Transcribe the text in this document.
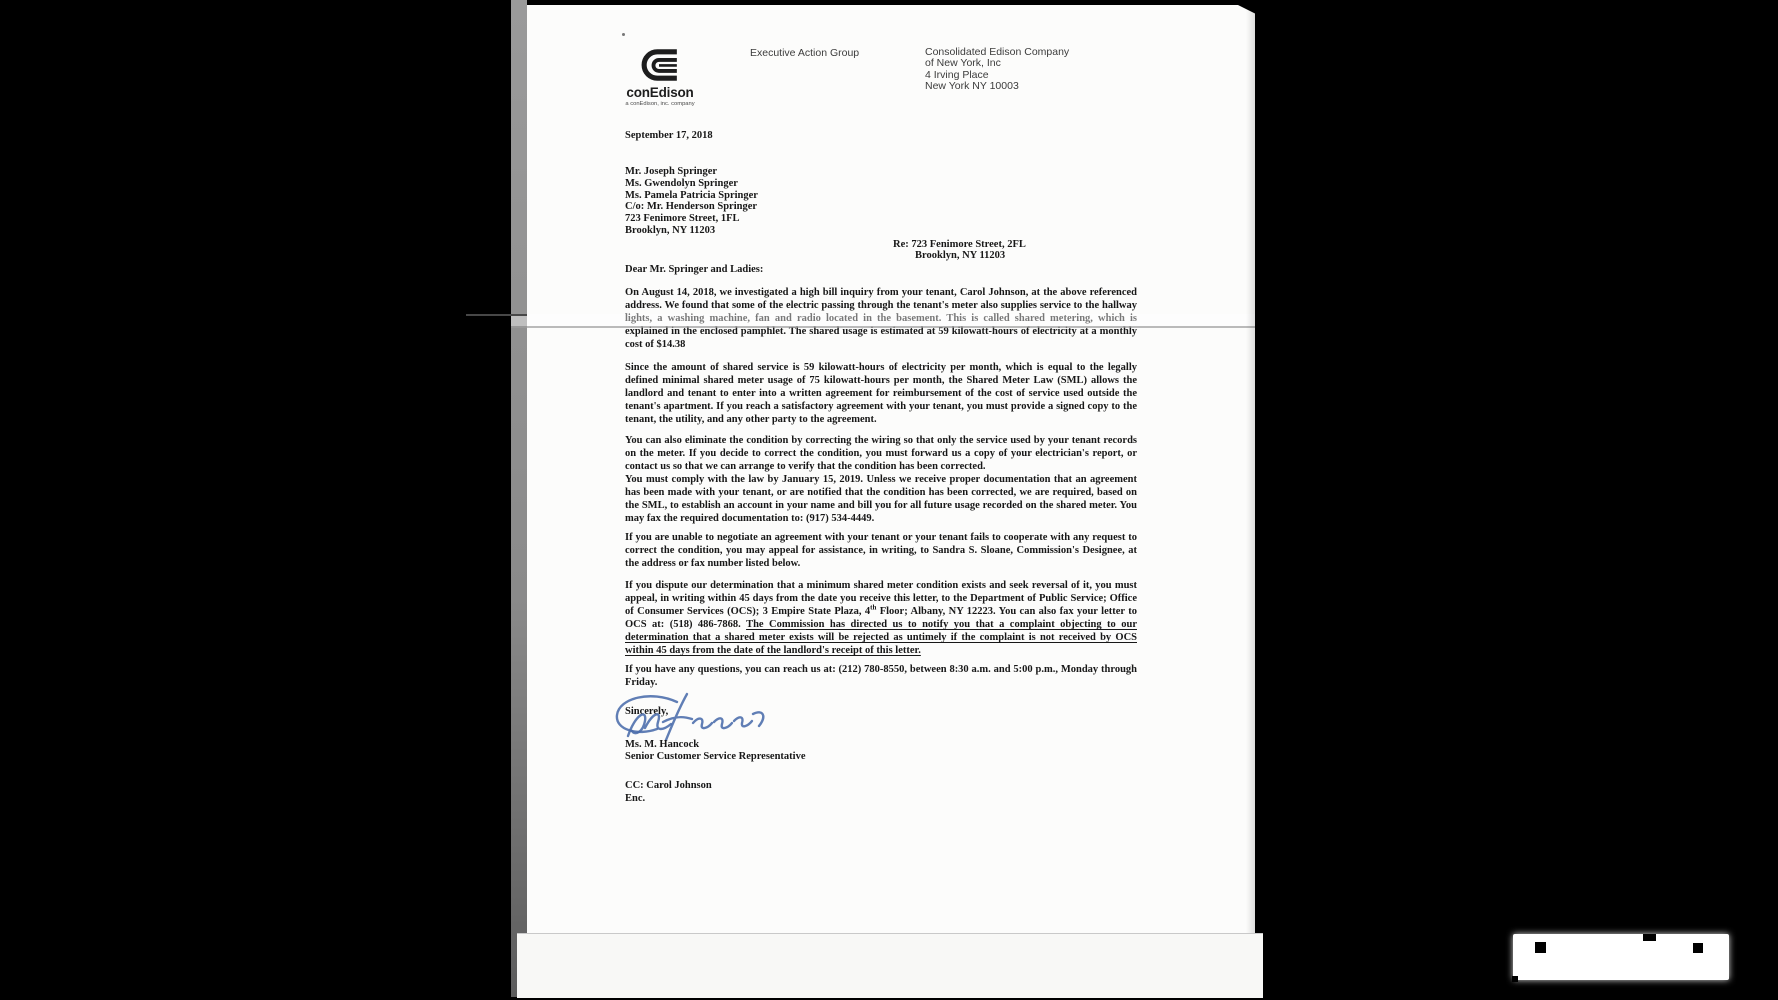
conEdison
a conEdison, inc. company
Executive Action Group	Consolidated Edison Company
of New York, Inc
4 Irving Place
New York NY 10003
September 17, 2018
Mr. Joseph Springer
Ms. Gwendolyn Springer
Ms. Pamela Patricia Springer
C/o: Mr. Henderson Springer
723 Fenimore Street, 1FL
Brooklyn, NY 11203
Re: 723 Fenimore Street, 2FL
Brooklyn, NY 11203
Dear Mr. Springer and Ladies:
On August 14, 2018, we investigated a high bill inquiry from your tenant, Carol Johnson, at the above referenced address. We found that some of the electric passing through the tenant's meter also supplies service to the hallway lights, a washing machine, fan and radio located in the basement. This is called shared metering, which is explained in the enclosed pamphlet. The shared usage is estimated at 59 kilowatt-hours of electricity at a monthly cost of $14.38
Since the amount of shared service is 59 kilowatt-hours of electricity per month, which is equal to the legally defined minimal shared meter usage of 75 kilowatt-hours per month, the Shared Meter Law (SML) allows the landlord and tenant to enter into a written agreement for reimbursement of the cost of service used outside the tenant's apartment. If you reach a satisfactory agreement with your tenant, you must provide a signed copy to the tenant, the utility, and any other party to the agreement.
You can also eliminate the condition by correcting the wiring so that only the service used by your tenant records on the meter. If you decide to correct the condition, you must forward us a copy of your electrician's report, or contact us so that we can arrange to verify that the condition has been corrected.
You must comply with the law by January 15, 2019. Unless we receive proper documentation that an agreement has been made with your tenant, or are notified that the condition has been corrected, we are required, based on the SML, to establish an account in your name and bill you for all future usage recorded on the shared meter. You may fax the required documentation to: (917) 534-4449.
If you are unable to negotiate an agreement with your tenant or your tenant fails to cooperate with any request to correct the condition, you may appeal for assistance, in writing, to Sandra S. Sloane, Commission's Designee, at the address or fax number listed below.
If you dispute our determination that a minimum shared meter condition exists and seek reversal of it, you must appeal, in writing within 45 days from the date you receive this letter, to the Department of Public Service; Office of Consumer Services (OCS); 3 Empire State Plaza, 4th Floor; Albany, NY 12223. You can also fax your letter to OCS at: (518) 486-7868. The Commission has directed us to notify you that a complaint objecting to our determination that a shared meter exists will be rejected as untimely if the complaint is not received by OCS within 45 days from the date of the landlord's receipt of this letter.
If you have any questions, you can reach us at: (212) 780-8550, between 8:30 a.m. and 5:00 p.m., Monday through Friday.
Sincerely,
Ms. M. Hancock
Senior Customer Service Representative
CC: Carol Johnson
Enc.
